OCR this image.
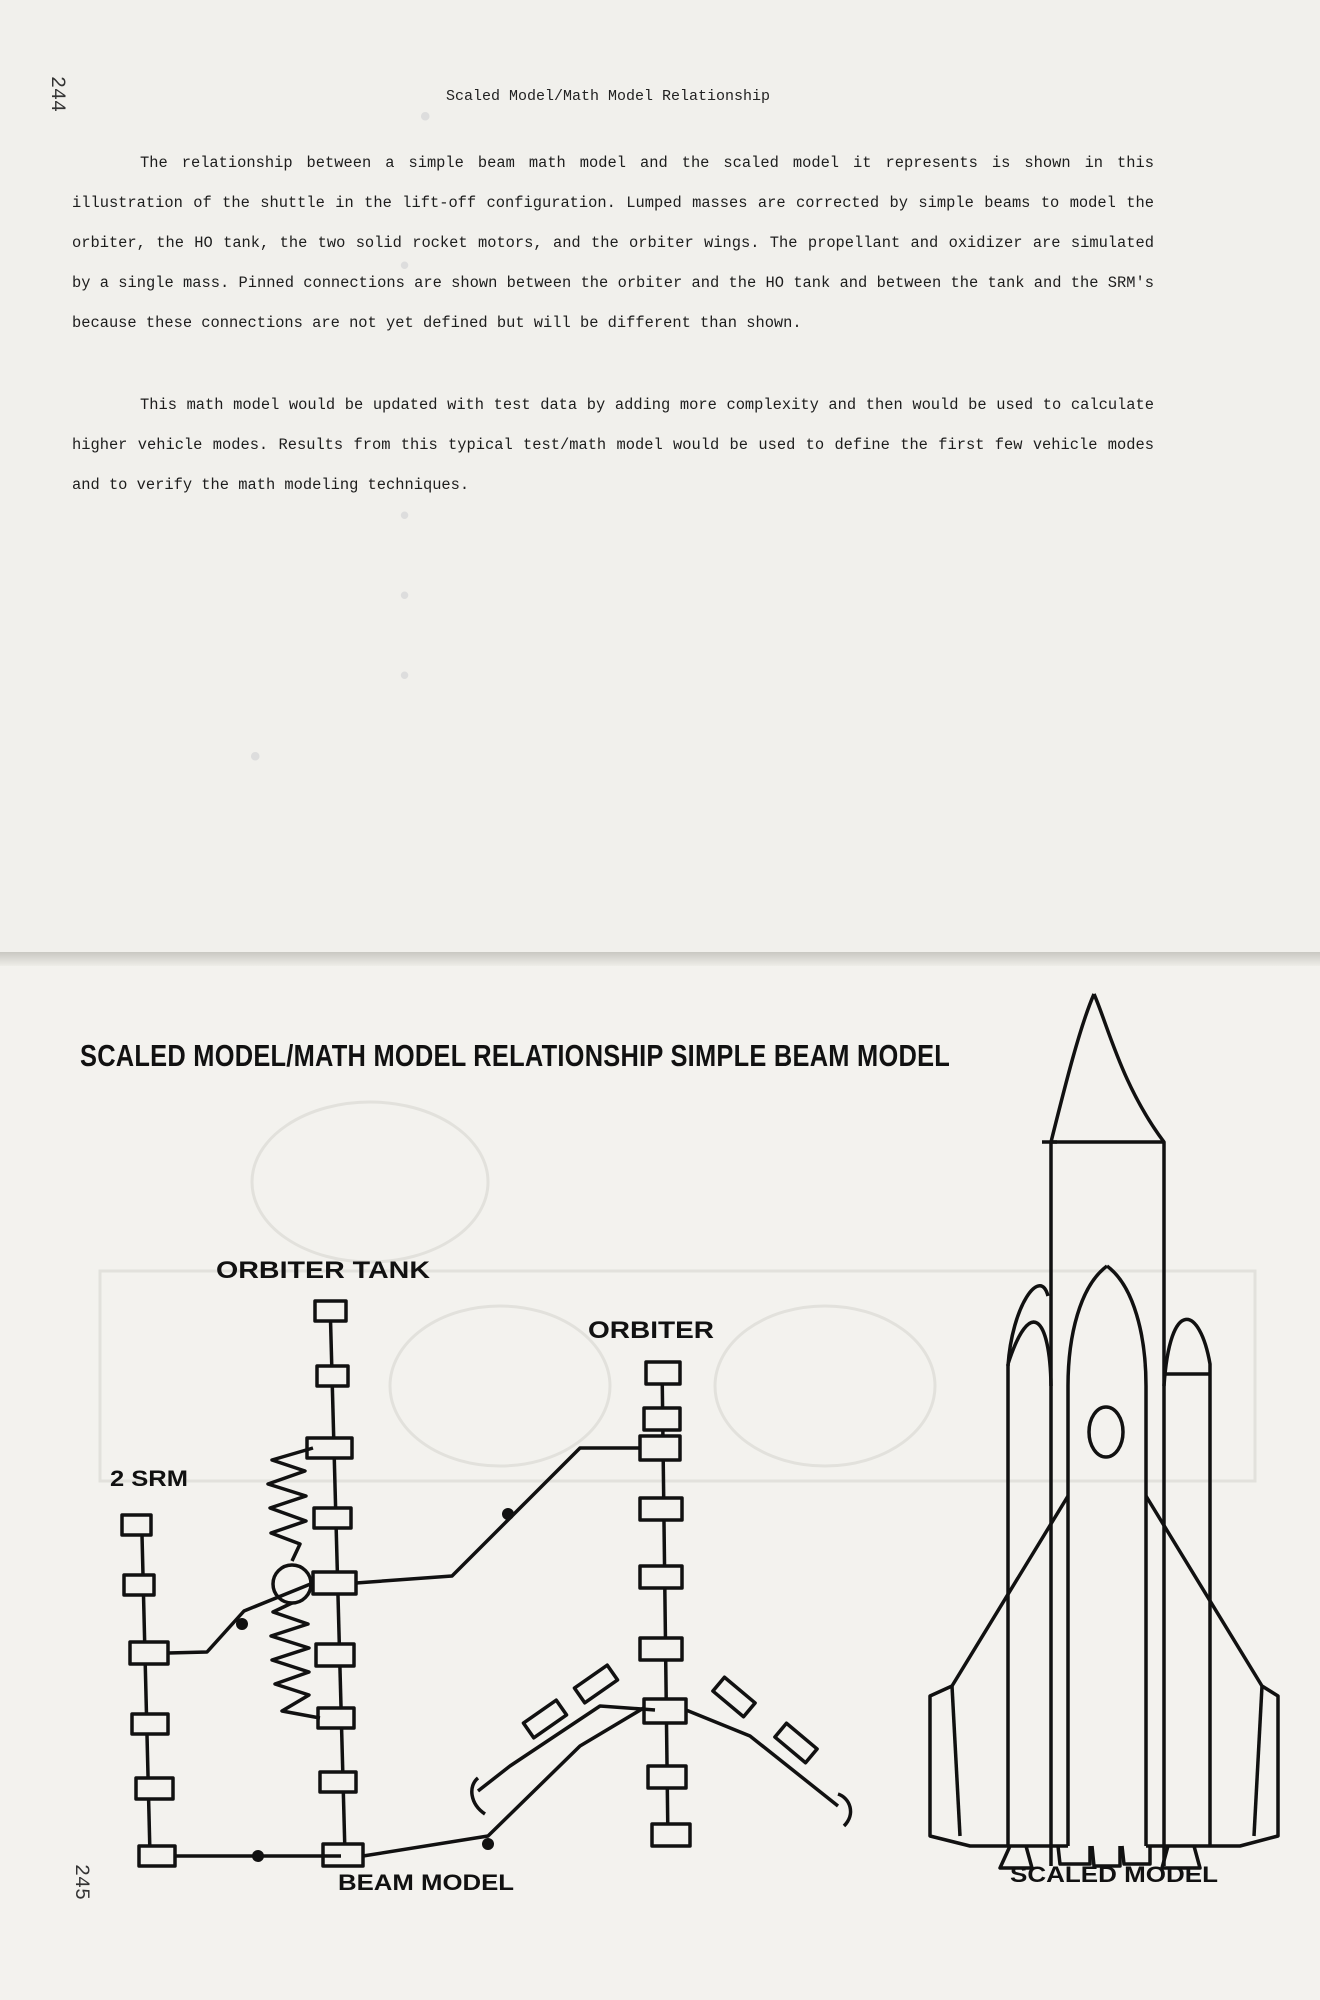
•
•
•
•
•
•
244	Scaled Model/Math Model Relationship
The relationship between a simple beam math model and the scaled model it represents is shown in this illustration of the shuttle in the lift-off configuration. Lumped masses are corrected by simple beams to model the orbiter, the HO tank, the two solid rocket motors, and the orbiter wings. The propellant and oxidizer are simulated by a single mass. Pinned connections are shown between the orbiter and the HO tank and between the tank and the SRM's because these connections are not yet defined but will be different than shown.
This math model would be updated with test data by adding more complexity and then would be used to calculate higher vehicle modes. Results from this typical test/math model would be used to define the first few vehicle modes and to verify the math modeling techniques.
SCALED MODEL/MATH MODEL RELATIONSHIP SIMPLE BEAM MODEL
245
ORBITER TANK
ORBITER
2 SRM
BEAM MODEL	SCALED MODEL
